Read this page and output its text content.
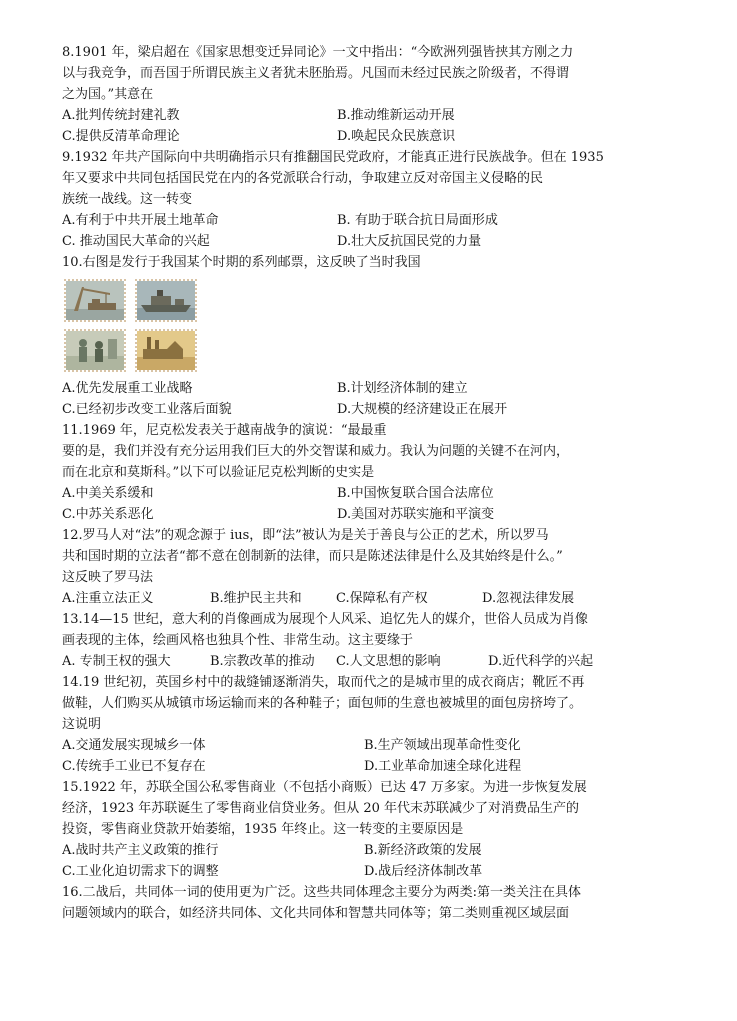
8.1901 年，梁启超在《国家思想变迁异同论》一文中指出：“今欧洲列强皆挟其方刚之力
以与我竞争，而吾国于所谓民族主义者犹未胚胎焉。凡国而未经过民族之阶级者，不得谓
之为国。”其意在
A.批判传统封建礼教	B.推动维新运动开展
C.提供反清革命理论	D.唤起民众民族意识
9.1932 年共产国际向中共明确指示只有推翻国民党政府，才能真正进行民族战争。但在 1935
年又要求中共同包括国民党在内的各党派联合行动，争取建立反对帝国主义侵略的民
族统一战线。这一转变
A.有利于中共开展土地革命	B. 有助于联合抗日局面形成
C. 推动国民大革命的兴起	D.壮大反抗国民党的力量
10.右图是发行于我国某个时期的系列邮票，这反映了当时我国
A.优先发展重工业战略	B.计划经济体制的建立
C.已经初步改变工业落后面貌	D.大规模的经济建设正在展开
11.1969 年，尼克松发表关于越南战争的演说：“最最重
要的是，我们并没有充分运用我们巨大的外交智谋和威力。我认为问题的关键不在河内，
而在北京和莫斯科。”以下可以验证尼克松判断的史实是
A.中美关系缓和	B.中国恢复联合国合法席位
C.中苏关系恶化	D.美国对苏联实施和平演变
12.罗马人对“法”的观念源于 ius，即“法”被认为是关于善良与公正的艺术，所以罗马
共和国时期的立法者“都不意在创制新的法律，而只是陈述法律是什么及其始终是什么。”
这反映了罗马法
A.注重立法正义	B.维护民主共和	C.保障私有产权	D.忽视法律发展
13.14—15 世纪，意大利的肖像画成为展现个人风采、追忆先人的媒介，世俗人员成为肖像
画表现的主体，绘画风格也独具个性、非常生动。这主要缘于
A. 专制王权的强大	B.宗教改革的推动	C.人文思想的影响	D.近代科学的兴起
14.19 世纪初，英国乡村中的裁缝铺逐渐消失，取而代之的是城市里的成衣商店；靴匠不再
做鞋，人们购买从城镇市场运输而来的各种鞋子；面包师的生意也被城里的面包房挤垮了。
这说明
A.交通发展实现城乡一体	B.生产领域出现革命性变化
C.传统手工业已不复存在	D.工业革命加速全球化进程
15.1922 年，苏联全国公私零售商业（不包括小商贩）已达 47 万多家。为进一步恢复发展
经济，1923 年苏联诞生了零售商业信贷业务。但从 20 年代末苏联减少了对消费品生产的
投资，零售商业贷款开始萎缩，1935 年终止。这一转变的主要原因是
A.战时共产主义政策的推行	B.新经济政策的发展
C.工业化迫切需求下的调整	D.战后经济体制改革
16.二战后，共同体一词的使用更为广泛。这些共同体理念主要分为两类:第一类关注在具体
问题领域内的联合，如经济共同体、文化共同体和智慧共同体等；第二类则重视区域层面
